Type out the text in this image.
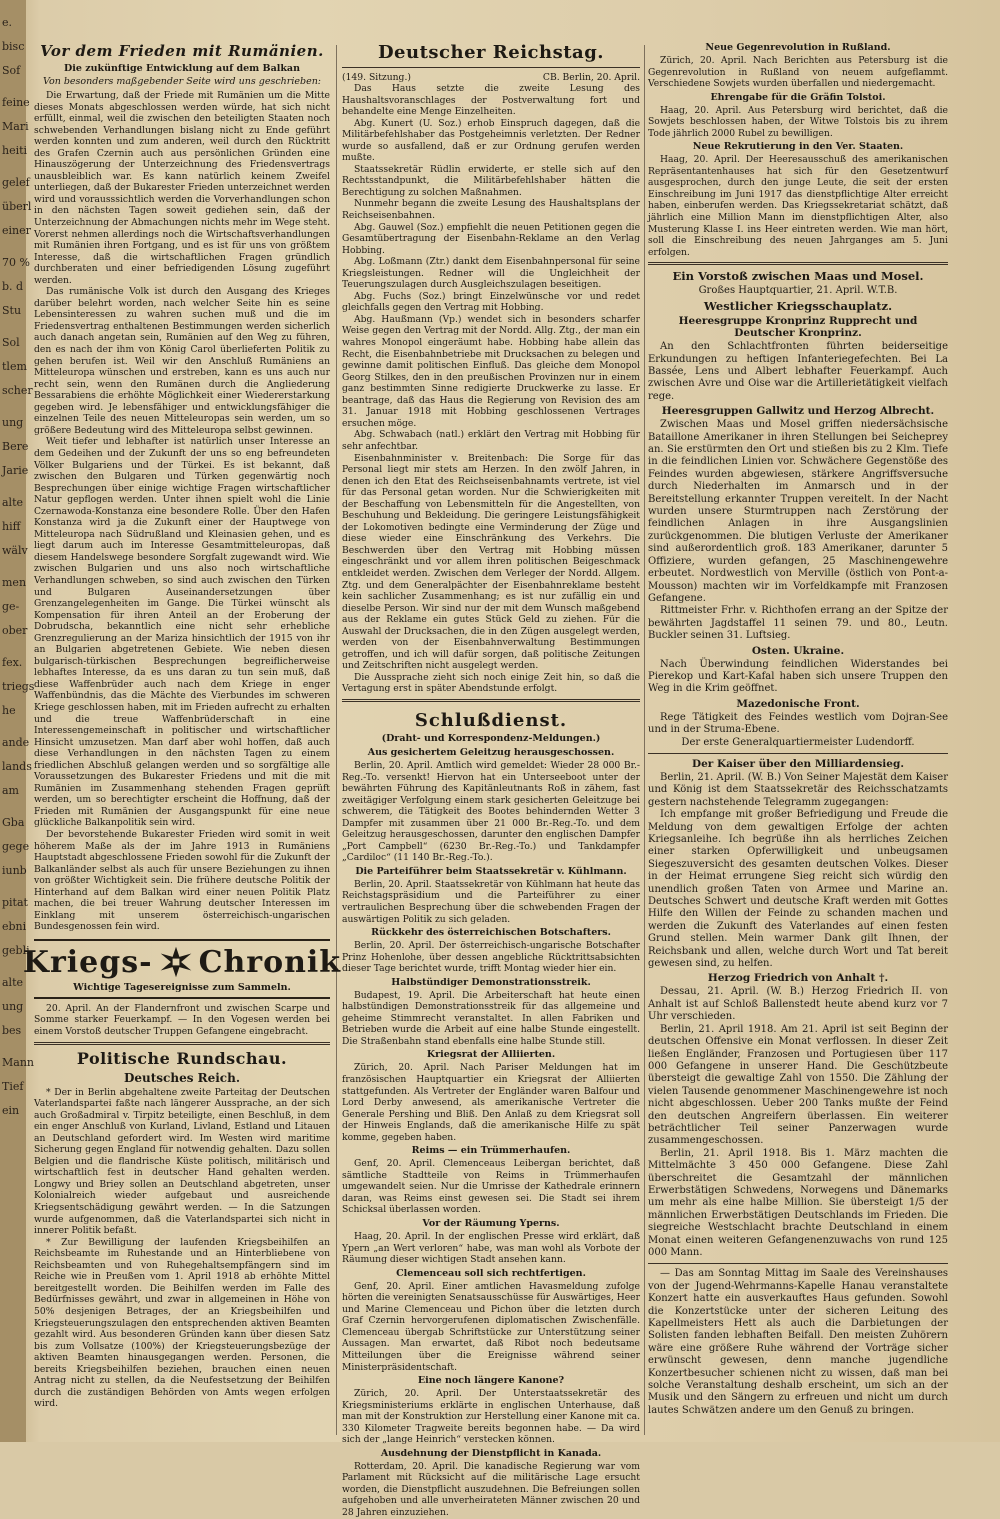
e.
bisc
Sof
feine
Mari
heiti
gelef
überl
einer
70 %
b. d
Stu
Sol
tlem
scher
ung
Bere
Jarie
alte
hiff
wälv
men
ge-
ober
fex.
triegs
he
ande
lands
am
Gba
gege
iunb
pitat
ebni
gebli
alte
ung
bes
Mann
Tief
ein
Vor dem Frieden mit Rumänien.
Die zukünftige Entwicklung auf dem Balkan
Von besonders maßgebender Seite wird uns geschrieben:

Die Erwartung, daß der Friede mit Rumänien um die Mitte dieses Monats abgeschlossen werden würde, hat sich nicht erfüllt, einmal, weil die zwischen den beteiligten Staaten noch schwebenden Verhandlungen bislang nicht zu Ende geführt werden konnten und zum anderen, weil durch den Rücktritt des Grafen Czernin auch aus persönlichen Gründen eine Hinauszögerung der Unterzeichnung des Friedensvertrags unausbleiblich war. Es kann natürlich keinem Zweifel unterliegen, daß der Bukarester Frieden unterzeichnet werden wird und vorausssichtlich werden die Vorverhandlungen schon in den nächsten Tagen soweit gediehen sein, daß der Unterzeichnung der Abmachungen nichts mehr im Wege steht. Vorerst nehmen allerdings noch die Wirtschaftsverhandlungen mit Rumänien ihren Fortgang, und es ist für uns von größtem Interesse, daß die wirtschaftlichen Fragen gründlich durchberaten und einer befriedigenden Lösung zugeführt werden.

Das rumänische Volk ist durch den Ausgang des Krieges darüber belehrt worden, nach welcher Seite hin es seine Lebensinteressen zu wahren suchen muß und die im Friedensvertrag enthaltenen Bestimmungen werden sicherlich auch danach angetan sein, Rumänien auf den Weg zu führen, den es nach der ihm von König Carol überlieferten Politik zu gehen berufen ist. Weil wir den Anschluß Rumäniens an Mitteleuropa wünschen und erstreben, kann es uns auch nur recht sein, wenn den Rumänen durch die Angliederung Bessarabiens die erhöhte Möglichkeit einer Wiedererstarkung gegeben wird. Je lebensfähiger und entwicklungsfähiger die einzelnen Teile des neuen Mitteleuropas sein werden, um so größere Bedeutung wird des Mitteleuropa selbst gewinnen.

Weit tiefer und lebhafter ist natürlich unser Interesse an dem Gedeihen und der Zukunft der uns so eng befreundeten Völker Bulgariens und der Türkei. Es ist bekannt, daß zwischen den Bulgaren und Türken gegenwärtig noch Besprechungen über einige wichtige Fragen wirtschaftlicher Natur gepflogen werden. Unter ihnen spielt wohl die Linie Czernawoda-Konstanza eine besondere Rolle. Über den Hafen Konstanza wird ja die Zukunft einer der Hauptwege von Mitteleuropa nach Südrußland und Kleinasien gehen, und es liegt darum auch im Interesse Gesamtmitteleuropas, daß diesem Handelswege besondere Sorgfalt zugewandt wird. Wie zwischen Bulgarien und uns also noch wirtschaftliche Verhandlungen schweben, so sind auch zwischen den Türken und Bulgaren Auseinandersetzungen über Grenzangelegenheiten im Gange. Die Türkei wünscht als Kompensation für ihren Anteil an der Eroberung der Dobrudscha, bekanntlich eine nicht sehr erhebliche Grenzregulierung an der Mariza hinsichtlich der 1915 von ihr an Bulgarien abgetretenen Gebiete. Wie neben diesen bulgarisch-türkischen Besprechungen begreiflicherweise lebhaftes Interesse, da es uns daran zu tun sein muß, daß diese Waffenbrüder auch nach dem Kriege in enger Waffenbündnis, das die Mächte des Vierbundes im schweren Kriege geschlossen haben, mit im Frieden aufrecht zu erhalten und die treue Waffenbrüderschaft in eine Interessengemeinschaft in politischer und wirtschaftlicher Hinsicht umzusetzen. Man darf aber wohl hoffen, daß auch diese Verhandlungen in den nächsten Tagen zu einem friedlichen Abschluß gelangen werden und so sorgfältige alle Voraussetzungen des Bukarester Friedens und mit die mit Rumänien im Zusammenhang stehenden Fragen geprüft werden, um so berechtigter erscheint die Hoffnung, daß der Frieden mit Rumänien der Ausgangspunkt für eine neue glückliche Balkanpolitik sein wird.

Der bevorstehende Bukarester Frieden wird somit in weit höherem Maße als der im Jahre 1913 in Rumäniens Hauptstadt abgeschlossene Frieden sowohl für die Zukunft der Balkanländer selbst als auch für unsere Beziehungen zu ihnen von größter Wichtigkeit sein. Die frühere deutsche Politik der Hinterhand auf dem Balkan wird einer neuen Politik Platz machen, die bei treuer Wahrung deutscher Interessen im Einklang mit unserem österreichisch-ungarischen Bundesgenossen fein wird.

Kriegs- Chronik
Wichtige Tagesereignisse zum Sammeln.

20. April. An der Flandernfront und zwischen Scarpe und Somme starker Feuerkampf. — In den Vogesen werden bei einem Vorstoß deutscher Truppen Gefangene eingebracht.

Politische Rundschau.
Deutsches Reich.

* Der in Berlin abgehaltene zweite Parteitag der Deutschen Vaterlandspartei faßte nach längerer Aussprache, an der sich auch Großadmiral v. Tirpitz beteiligte, einen Beschluß, in dem ein enger Anschluß von Kurland, Livland, Estland und Litauen an Deutschland gefordert wird. Im Westen wird maritime Sicherung gegen England für notwendig gehalten. Dazu sollen Belgien und die flandrische Küste politisch, militärisch und wirtschaftlich fest in deutscher Hand gehalten werden. Longwy und Briey sollen an Deutschland abgetreten, unser Kolonialreich wieder aufgebaut und ausreichende Kriegsentschädigung gewährt werden. — In die Satzungen wurde aufgenommen, daß die Vaterlandspartei sich nicht in innerer Politik befaßt.

* Zur Bewilligung der laufenden Kriegsbeihilfen an Reichsbeamte im Ruhestande und an Hinterbliebene von Reichsbeamten und von Ruhegehaltsempfängern sind im Reiche wie in Preußen vom 1. April 1918 ab erhöhte Mittel bereitgestellt worden. Die Beihilfen werden im Falle des Bedürfnisses gewährt, und zwar in allgemeinen in Höhe von 50% desjenigen Betrages, der an Kriegsbeihilfen und Kriegsteuerungszulagen den entsprechenden aktiven Beamten gezahlt wird. Aus besonderen Gründen kann über diesen Satz bis zum Vollsatze (100%) der Kriegsteuerungsbezüge der aktiven Beamten hinausgegangen werden. Personen, die bereits Kriegsbeihilfen beziehen, brauchen einen neuen Antrag nicht zu stellen, da die Neufestsetzung der Beihilfen durch die zuständigen Behörden von Amts wegen erfolgen wird.

Deutscher Reichstag.
(149. Sitzung.)	CB. Berlin, 20. April.

Das Haus setzte die zweite Lesung des Haushaltsvoranschlages der Postverwaltung fort und behandelte eine Menge Einzelheiten.

Abg. Kunert (U. Soz.) erhob Einspruch dagegen, daß die Militärbefehlshaber das Postgeheimnis verletzten. Der Redner wurde so ausfallend, daß er zur Ordnung gerufen werden mußte.

Staatssekretär Rüdlin erwiderte, er stelle sich auf den Rechtsstandpunkt, die Militärbefehlshaber hätten die Berechtigung zu solchen Maßnahmen.

Nunmehr begann die zweite Lesung des Haushaltsplans der Reichseisenbahnen.

Abg. Gauwel (Soz.) empfiehlt die neuen Petitionen gegen die Gesamtübertragung der Eisenbahn-Reklame an den Verlag Hobbing.

Abg. Loßmann (Ztr.) dankt dem Eisenbahnpersonal für seine Kriegsleistungen. Redner will die Ungleichheit der Teuerungszulagen durch Ausgleichszulagen beseitigen.

Abg. Fuchs (Soz.) bringt Einzelwünsche vor und redet gleichfalls gegen den Vertrag mit Hobbing.

Abg. Haußmann (Vp.) wendet sich in besonders scharfer Weise gegen den Vertrag mit der Nordd. Allg. Ztg., der man ein wahres Monopol eingeräumt habe. Hobbing habe allein das Recht, die Eisenbahnbetriebe mit Drucksachen zu belegen und gewinne damit politischen Einfluß. Das gleiche dem Monopol Georg Stilkes, den in den preußischen Provinzen nur in einem ganz bestimmten Sinne redigierte Druckwerke zu lasse. Er beantrage, daß das Haus die Regierung von Revision des am 31. Januar 1918 mit Hobbing geschlossenen Vertrages ersuchen möge.

Abg. Schwabach (natl.) erklärt den Vertrag mit Hobbing für sehr anfechtbar.

Eisenbahnminister v. Breitenbach: Die Sorge für das Personal liegt mir stets am Herzen. In den zwölf Jahren, in denen ich den Etat des Reichseisenbahnamts vertrete, ist viel für das Personal getan worden. Nur die Schwierigkeiten mit der Beschaffung von Lebensmitteln für die Angestellten, von Beschuhung und Bekleidung. Die geringere Leistungsfähigkeit der Lokomotiven bedingte eine Verminderung der Züge und diese wieder eine Einschränkung des Verkehrs. Die Beschwerden über den Vertrag mit Hobbing müssen eingeschränkt und vor allem ihren politischen Beigeschmack entkleidet werden. Zwischen dem Verleger der Nordd. Allgem. Ztg. und dem Generalpächter der Eisenbahnreklame besteht kein sachlicher Zusammenhang; es ist nur zufällig ein und dieselbe Person. Wir sind nur der mit dem Wunsch maßgebend aus der Reklame ein gutes Stück Geld zu ziehen. Für die Auswahl der Drucksachen, die in den Zügen ausgelegt werden, werden von der Eisenbahnverwaltung Bestimmungen getroffen, und ich will dafür sorgen, daß politische Zeitungen und Zeitschriften nicht ausgelegt werden.

Die Aussprache zieht sich noch einige Zeit hin, so daß die Vertagung erst in später Abendstunde erfolgt.

Schlußdienst.
(Draht- und Korrespondenz-Meldungen.)
Aus gesichertem Geleitzug herausgeschossen.

Berlin, 20. April. Amtlich wird gemeldet: Wieder 28 000 Br.-Reg.-To. versenkt! Hiervon hat ein Unterseeboot unter der bewährten Führung des Kapitänleutnants Roß in zähem, fast zweitägiger Verfolgung einem stark gesicherten Geleitzuge bei schwerem, die Tätigkeit des Bootes behindernden Wetter 3 Dampfer mit zusammen über 21 000 Br.-Reg.-To. und dem Geleitzug herausgeschossen, darunter den englischen Dampfer „Port Campbell“ (6230 Br.-Reg.-To.) und Tankdampfer „Cardiloc“ (11 140 Br.-Reg.-To.).

Die Parteiführer beim Staatssekretär v. Kühlmann.

Berlin, 20. April. Staatssekretär von Kühlmann hat heute das Reichstagspräsidium und die Parteiführer zu einer vertraulichen Besprechung über die schwebenden Fragen der auswärtigen Politik zu sich geladen.

Rückkehr des österreichischen Botschafters.

Berlin, 20. April. Der österreichisch-ungarische Botschafter Prinz Hohenlohe, über dessen angebliche Rücktrittsabsichten dieser Tage berichtet wurde, trifft Montag wieder hier ein.

Halbstündiger Demonstrationsstreik.

Budapest, 19. April. Die Arbeiterschaft hat heute einen halbstündigen Demonstrationsstreik für das allgemeine und geheime Stimmrecht veranstaltet. In allen Fabriken und Betrieben wurde die Arbeit auf eine halbe Stunde eingestellt. Die Straßenbahn stand ebenfalls eine halbe Stunde still.

Kriegsrat der Alliierten.

Zürich, 20. April. Nach Pariser Meldungen hat im französischen Hauptquartier ein Kriegsrat der Alliierten stattgefunden. Als Vertreter der Engländer waren Balfour und Lord Derby anwesend, als amerikanische Vertreter die Generale Pershing und Bliß. Den Anlaß zu dem Kriegsrat soll der Hinweis Englands, daß die amerikanische Hilfe zu spät komme, gegeben haben.

Reims — ein Trümmerhaufen.

Genf, 20. April. Clemenceaus Leibergan berichtet, daß sämtliche Stadtteile von Reims in Trümmerhaufen umgewandelt seien. Nur die Umrisse der Kathedrale erinnern daran, was Reims einst gewesen sei. Die Stadt sei ihrem Schicksal überlassen worden.

Vor der Räumung Yperns.

Haag, 20. April. In der englischen Presse wird erklärt, daß Ypern „an Wert verloren“ habe, was man wohl als Vorbote der Räumung dieser wichtigen Stadt ansehen kann.

Clemenceau soll sich rechtfertigen.

Genf, 20. April. Einer amtlichen Havasmeldung zufolge hörten die vereinigten Senatsausschüsse für Auswärtiges, Heer und Marine Clemenceau und Pichon über die letzten durch Graf Czernin hervorgerufenen diplomatischen Zwischenfälle. Clemenceau übergab Schriftstücke zur Unterstützung seiner Aussagen. Man erwartet, daß Ribot noch bedeutsame Mitteilungen über die Ereignisse während seiner Ministerpräsidentschaft.

Eine noch längere Kanone?

Zürich, 20. April. Der Unterstaatssekretär des Kriegsministeriums erklärte in englischen Unterhause, daß man mit der Konstruktion zur Herstellung einer Kanone mit ca. 330 Kilometer Tragweite bereits begonnen habe. — Da wird sich der „lange Heinrich“ verstecken können.

Ausdehnung der Dienstpflicht in Kanada.

Rotterdam, 20. April. Die kanadische Regierung war vom Parlament mit Rücksicht auf die militärische Lage ersucht worden, die Dienstpflicht auszudehnen. Die Befreiungen sollen aufgehoben und alle unverheirateten Männer zwischen 20 und 28 Jahren einzuziehen.

Neue Gegenrevolution in Rußland.

Zürich, 20. April. Nach Berichten aus Petersburg ist die Gegenrevolution in Rußland von neuem aufgeflammt. Verschiedene Sowjets wurden überfallen und niedergemacht.

Ehrengabe für die Gräfin Tolstoi.

Haag, 20. April. Aus Petersburg wird berichtet, daß die Sowjets beschlossen haben, der Witwe Tolstois bis zu ihrem Tode jährlich 2000 Rubel zu bewilligen.

Neue Rekrutierung in den Ver. Staaten.

Haag, 20. April. Der Heeresausschuß des amerikanischen Repräsentantenhauses hat sich für den Gesetzentwurf ausgesprochen, durch den junge Leute, die seit der ersten Einschreibung im Juni 1917 das dienstpflichtige Alter erreicht haben, einberufen werden. Das Kriegssekretariat schätzt, daß jährlich eine Million Mann im dienstpflichtigen Alter, also Musterung Klasse I. ins Heer eintreten werden. Wie man hört, soll die Einschreibung des neuen Jahrganges am 5. Juni erfolgen.

Ein Vorstoß zwischen Maas und Mosel.
Großes Hauptquartier, 21. April. W.T.B.
Westlicher Kriegsschauplatz.
Heeresgruppe Kronprinz Rupprecht und Deutscher Kronprinz.

An den Schlachtfronten führten beiderseitige Erkundungen zu heftigen Infanteriegefechten. Bei La Bassée, Lens und Albert lebhafter Feuerkampf. Auch zwischen Avre und Oise war die Artillerietätigkeit vielfach rege.

Heeresgruppen Gallwitz und Herzog Albrecht.

Zwischen Maas und Mosel griffen niedersächsische Bataillone Amerikaner in ihren Stellungen bei Seicheprey an. Sie erstürmten den Ort und stießen bis zu 2 Klm. Tiefe in die feindlichen Linien vor. Schwächere Gegenstöße des Feindes wurden abgewiesen, stärkere Angriffsversuche durch Niederhalten im Anmarsch und in der Bereitstellung erkannter Truppen vereitelt. In der Nacht wurden unsere Sturmtruppen nach Zerstörung der feindlichen Anlagen in ihre Ausgangslinien zurückgenommen. Die blutigen Verluste der Amerikaner sind außerordentlich groß. 183 Amerikaner, darunter 5 Offiziere, wurden gefangen, 25 Maschinengewehre erbeutet. Nordwestlich von Merville (östlich von Pont-a-Mousson) machten wir im Vorfeldkampfe mit Franzosen Gefangene.

Rittmeister Frhr. v. Richthofen errang an der Spitze der bewährten Jagdstaffel 11 seinen 79. und 80., Leutn. Buckler seinen 31. Luftsieg.

Osten. Ukraine.

Nach Überwindung feindlichen Widerstandes bei Pierekop und Kart-Kafal haben sich unsere Truppen den Weg in die Krim geöffnet.

Mazedonische Front.

Rege Tätigkeit des Feindes westlich vom Dojran-See und in der Struma-Ebene.

Der erste Generalquartiermeister Ludendorff.

Der Kaiser über den Milliardensieg.

Berlin, 21. April. (W. B.) Von Seiner Majestät dem Kaiser und König ist dem Staatssekretär des Reichsschatzamts gestern nachstehende Telegramm zugegangen:

Ich empfange mit großer Befriedigung und Freude die Meldung von dem gewaltigen Erfolge der achten Kriegsanleihe. Ich begrüße ihn als herrliches Zeichen einer starken Opferwilligkeit und unbeugsamen Siegeszuversicht des gesamten deutschen Volkes. Dieser in der Heimat errungene Sieg reicht sich würdig den unendlich großen Taten von Armee und Marine an. Deutsches Schwert und deutsche Kraft werden mit Gottes Hilfe den Willen der Feinde zu schanden machen und werden die Zukunft des Vaterlandes auf einen festen Grund stellen. Mein warmer Dank gilt Ihnen, der Reichsbank und allen, welche durch Wort und Tat bereit gewesen sind, zu helfen.

Herzog Friedrich von Anhalt †.

Dessau, 21. April. (W. B.) Herzog Friedrich II. von Anhalt ist auf Schloß Ballenstedt heute abend kurz vor 7 Uhr verschieden.

Berlin, 21. April 1918. Am 21. April ist seit Beginn der deutschen Offensive ein Monat verflossen. In dieser Zeit ließen Engländer, Franzosen und Portugiesen über 117 000 Gefangene in unserer Hand. Die Geschützbeute übersteigt die gewaltige Zahl von 1550. Die Zählung der vielen Tausende genommener Maschinengewehre ist noch nicht abgeschlossen. Ueber 200 Tanks mußte der Feind den deutschen Angreifern überlassen. Ein weiterer beträchtlicher Teil seiner Panzerwagen wurde zusammengeschossen.

Berlin, 21. April 1918. Bis 1. März machten die Mittelmächte 3 450 000 Gefangene. Diese Zahl überschreitet die Gesamtzahl der männlichen Erwerbstätigen Schwedens, Norwegens und Dänemarks um mehr als eine halbe Million. Sie übersteigt 1/5 der männlichen Erwerbstätigen Deutschlands im Frieden. Die siegreiche Westschlacht brachte Deutschland in einem Monat einen weiteren Gefangenenzuwachs von rund 125 000 Mann.

— Das am Sonntag Mittag im Saale des Vereinshauses von der Jugend-Wehrmanns-Kapelle Hanau veranstaltete Konzert hatte ein ausverkauftes Haus gefunden. Sowohl die Konzertstücke unter der sicheren Leitung des Kapellmeisters Hett als auch die Darbietungen der Solisten fanden lebhaften Beifall. Den meisten Zuhörern wäre eine größere Ruhe während der Vorträge sicher erwünscht gewesen, denn manche jugendliche Konzertbesucher schienen nicht zu wissen, daß man bei solche Veranstaltung deshalb erscheint, um sich an der Musik und den Sängern zu erfreuen und nicht um durch lautes Schwätzen andere um den Genuß zu bringen.
